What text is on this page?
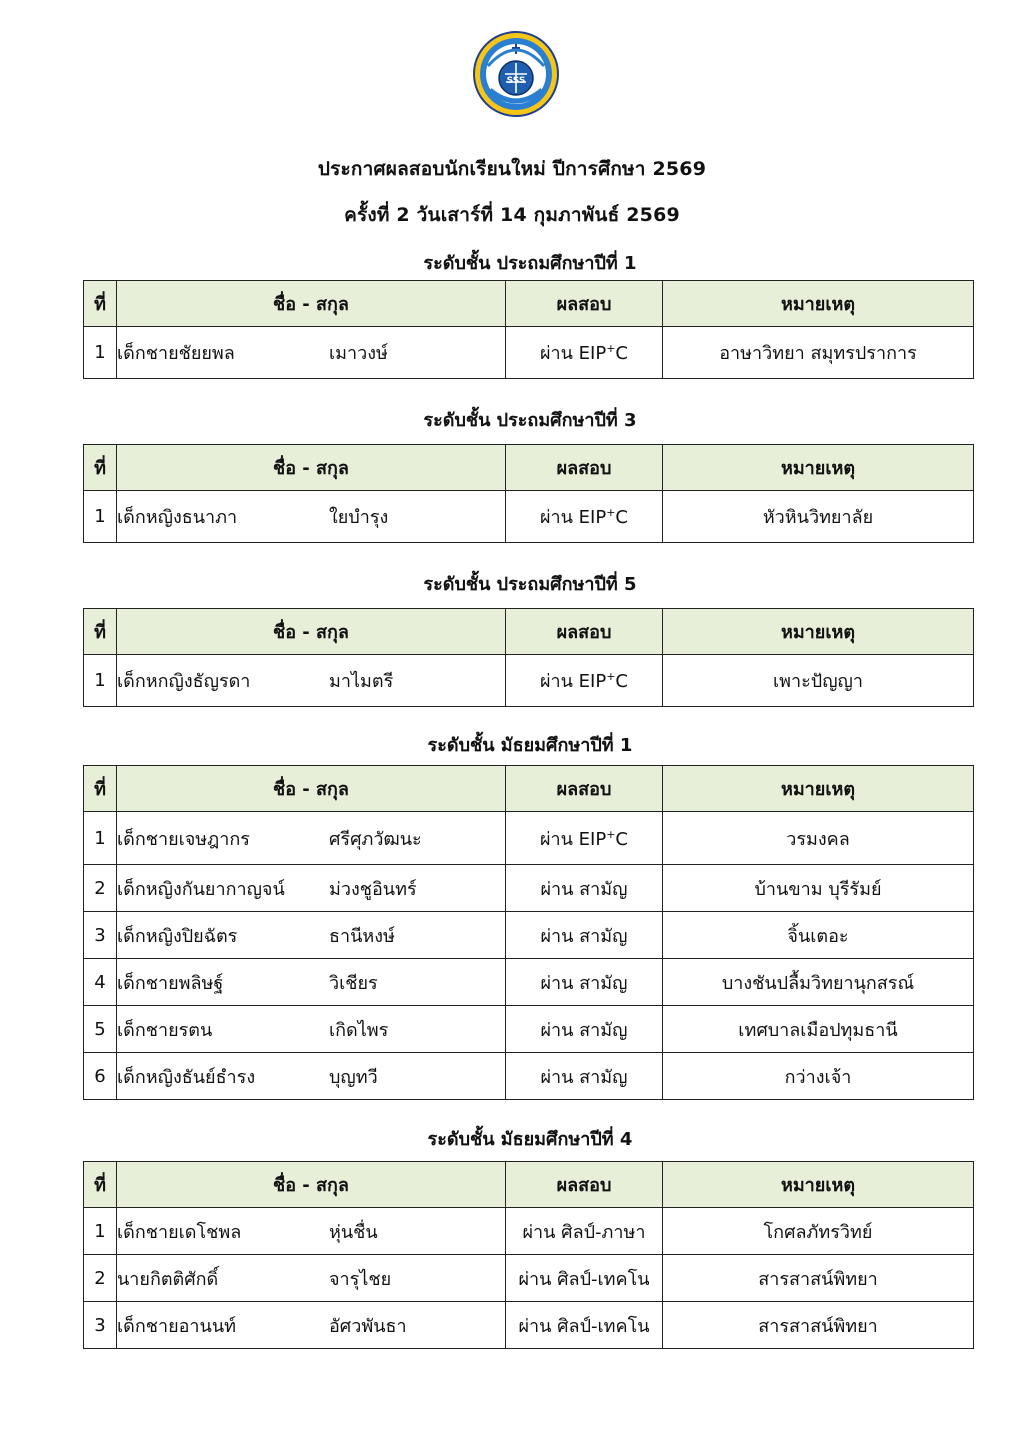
SSS
ประกาศผลสอบนักเรียนใหม่ ปีการศึกษา 2569
ครั้งที่ 2 วันเสาร์ที่ 14 กุมภาพันธ์ 2569
ระดับชั้น ประถมศึกษาปีที่ 1
ที่	ชื่อ - สกุล	ผลสอบ	หมายเหตุ
1	เด็กชายชัยยพล เมาวงษ์	ผ่าน EIP+C	อาษาวิทยา สมุทรปราการ
ระดับชั้น ประถมศึกษาปีที่ 3
ที่	ชื่อ - สกุล	ผลสอบ	หมายเหตุ
1	เด็กหญิงธนาภา ใยบำรุง	ผ่าน EIP+C	หัวหินวิทยาลัย
ระดับชั้น ประถมศึกษาปีที่ 5
ที่	ชื่อ - สกุล	ผลสอบ	หมายเหตุ
1	เด็กหกญิงธัญรดา มาไมตรี	ผ่าน EIP+C	เพาะปัญญา
ระดับชั้น มัธยมศึกษาปีที่ 1
ที่	ชื่อ - สกุล	ผลสอบ	หมายเหตุ
1	เด็กชายเจษฎากร ศรีศุภวัฒนะ	ผ่าน EIP+C	วรมงคล
2	เด็กหญิงกันยากาญจน์ ม่วงชูอินทร์	ผ่าน สามัญ	บ้านขาม บุรีรัมย์
3	เด็กหญิงปิยฉัตร ธานีหงษ์	ผ่าน สามัญ	จิ้นเตอะ
4	เด็กชายพลิษฐ์ วิเชียร	ผ่าน สามัญ	บางชันปลื้มวิทยานุกสรณ์
5	เด็กชายรตน เกิดไพร	ผ่าน สามัญ	เทศบาลเมือปทุมธานี
6	เด็กหญิงธันย์ธำรง บุญทวี	ผ่าน สามัญ	กว่างเจ้า
ระดับชั้น มัธยมศึกษาปีที่ 4
ที่	ชื่อ - สกุล	ผลสอบ	หมายเหตุ
1	เด็กชายเดโชพล หุ่นชื่น	ผ่าน ศิลป์-ภาษา	โกศลภัทรวิทย์
2	นายกิตติศักดิ์ จารุไชย	ผ่าน ศิลป์-เทคโน	สารสาสน์พิทยา
3	เด็กชายอานนท์ อัศวพันธา	ผ่าน ศิลป์-เทคโน	สารสาสน์พิทยา
